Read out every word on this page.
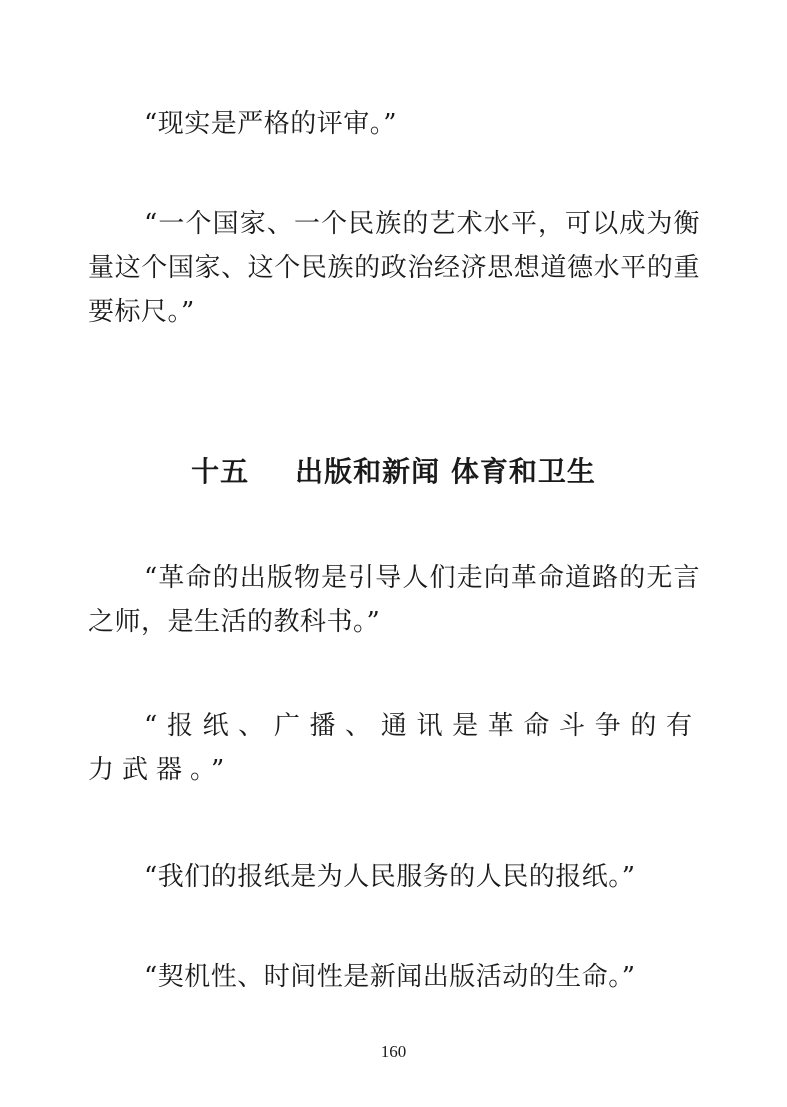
“现实是严格的评审。”

“一个国家、一个民族的艺术水平，可以成为衡量这个国家、这个民族的政治经济思想道德水平的重要标尺。”

十五 出版和新闻 体育和卫生

“革命的出版物是引导人们走向革命道路的无言之师，是生活的教科书。”

“报纸、广播、通讯是革命斗争的有力武器。”

“我们的报纸是为人民服务的人民的报纸。”

“契机性、时间性是新闻出版活动的生命。”

160
